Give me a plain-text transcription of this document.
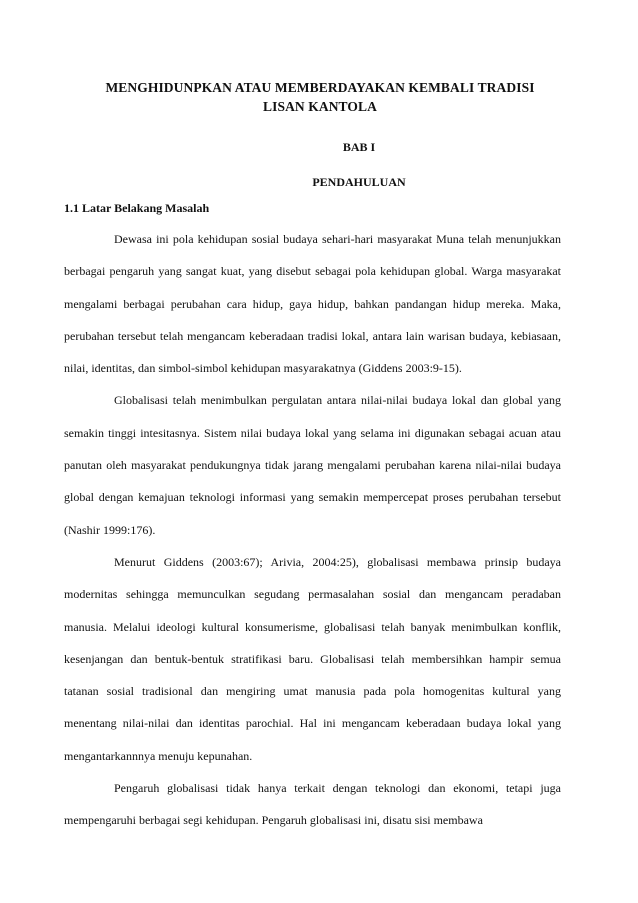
MENGHIDUNPKAN ATAU MEMBERDAYAKAN KEMBALI TRADISI
LISAN KANTOLA
BAB I
PENDAHULUAN
1.1 Latar Belakang Masalah

Dewasa ini pola kehidupan sosial budaya sehari-hari masyarakat Muna telah menunjukkan berbagai pengaruh yang sangat kuat, yang disebut sebagai pola kehidupan global. Warga masyarakat mengalami berbagai perubahan cara hidup, gaya hidup, bahkan pandangan hidup mereka. Maka, perubahan tersebut telah mengancam keberadaan tradisi lokal, antara lain warisan budaya, kebiasaan, nilai, identitas, dan simbol-simbol kehidupan masyarakatnya (Giddens 2003:9-15).

Globalisasi telah menimbulkan pergulatan antara nilai-nilai budaya lokal dan global yang semakin tinggi intesitasnya. Sistem nilai budaya lokal yang selama ini digunakan sebagai acuan atau panutan oleh masyarakat pendukungnya tidak jarang mengalami perubahan karena nilai-nilai budaya global dengan kemajuan teknologi informasi yang semakin mempercepat proses perubahan tersebut (Nashir 1999:176).

Menurut Giddens (2003:67); Arivia, 2004:25), globalisasi membawa prinsip budaya modernitas sehingga memunculkan segudang permasalahan sosial dan mengancam peradaban manusia. Melalui ideologi kultural konsumerisme, globalisasi telah banyak menimbulkan konflik, kesenjangan dan bentuk-bentuk stratifikasi baru. Globalisasi telah membersihkan hampir semua tatanan sosial tradisional dan mengiring umat manusia pada pola homogenitas kultural yang menentang nilai-nilai dan identitas parochial. Hal ini mengancam keberadaan budaya lokal yang mengantarkannnya menuju kepunahan.

Pengaruh globalisasi tidak hanya terkait dengan teknologi dan ekonomi, tetapi juga mempengaruhi berbagai segi kehidupan. Pengaruh globalisasi ini, disatu sisi membawa
